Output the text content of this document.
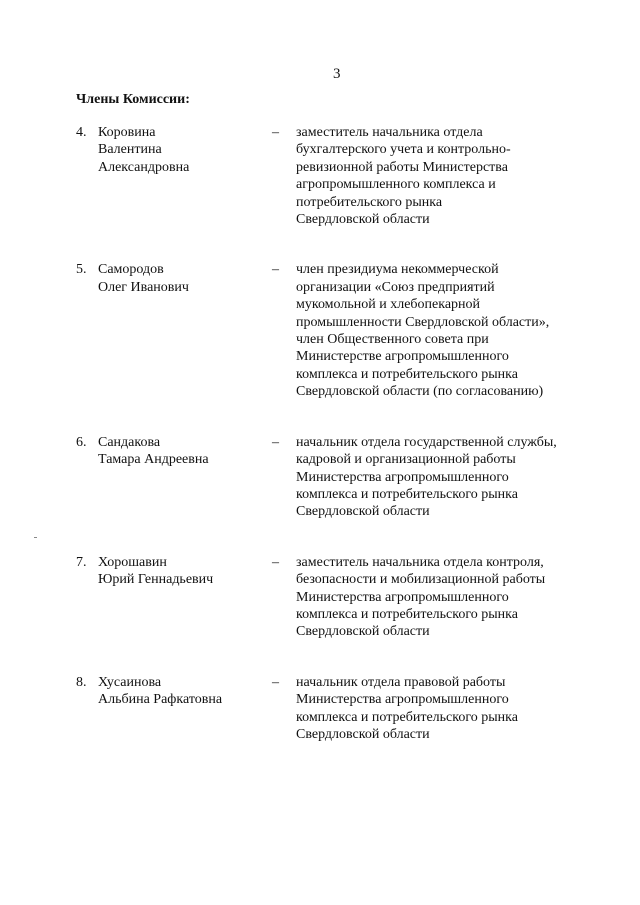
3
Члены Комиссии:
4. Коровина
Валентина
Александровна
– заместитель начальника отдела
бухгалтерского учета и контрольно-
ревизионной работы Министерства
агропромышленного комплекса и
потребительского рынка
Свердловской области
5. Самородов
Олег Иванович
– член президиума некоммерческой
организации «Союз предприятий
мукомольной и хлебопекарной
промышленности Свердловской области»,
член Общественного совета при
Министерстве агропромышленного
комплекса и потребительского рынка
Свердловской области (по согласованию)
6. Сандакова
Тамара Андреевна
– начальник отдела государственной службы,
кадровой и организационной работы
Министерства агропромышленного
комплекса и потребительского рынка
Свердловской области
7. Хорошавин
Юрий Геннадьевич
– заместитель начальника отдела контроля,
безопасности и мобилизационной работы
Министерства агропромышленного
комплекса и потребительского рынка
Свердловской области
8. Хусаинова
Альбина Рафкатовна
– начальник отдела правовой работы
Министерства агропромышленного
комплекса и потребительского рынка
Свердловской области
